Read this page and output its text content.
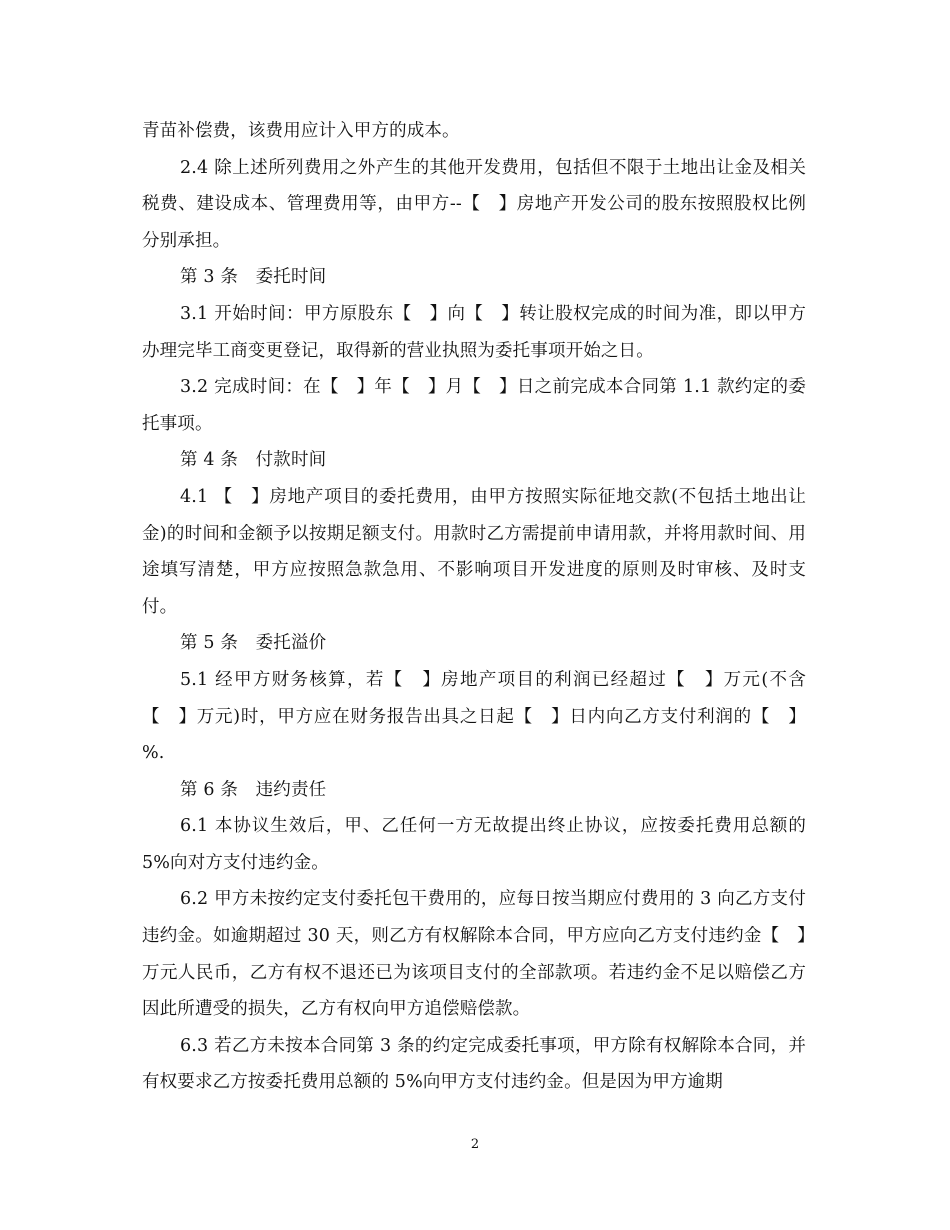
青苗补偿费，该费用应计入甲方的成本。

2.4 除上述所列费用之外产生的其他开发费用，包括但不限于土地出让金及相关税费、建设成本、管理费用等，由甲方--【　】房地产开发公司的股东按照股权比例分别承担。

第 3 条　委托时间

3.1 开始时间：甲方原股东【　】向【　】转让股权完成的时间为准，即以甲方办理完毕工商变更登记，取得新的营业执照为委托事项开始之日。

3.2 完成时间：在【　】年【　】月【　】日之前完成本合同第 1.1 款约定的委托事项。

第 4 条　付款时间

4.1 【　】房地产项目的委托费用，由甲方按照实际征地交款(不包括土地出让金)的时间和金额予以按期足额支付。用款时乙方需提前申请用款，并将用款时间、用途填写清楚，甲方应按照急款急用、不影响项目开发进度的原则及时审核、及时支付。

第 5 条　委托溢价

5.1 经甲方财务核算，若【　】房地产项目的利润已经超过【　】万元(不含【　】万元)时，甲方应在财务报告出具之日起【　】日内向乙方支付利润的【　】%.

第 6 条　违约责任

6.1 本协议生效后，甲、乙任何一方无故提出终止协议，应按委托费用总额的 5%向对方支付违约金。

6.2 甲方未按约定支付委托包干费用的，应每日按当期应付费用的 3 向乙方支付违约金。如逾期超过 30 天，则乙方有权解除本合同，甲方应向乙方支付违约金【　】万元人民币，乙方有权不退还已为该项目支付的全部款项。若违约金不足以赔偿乙方因此所遭受的损失，乙方有权向甲方追偿赔偿款。

6.3 若乙方未按本合同第 3 条的约定完成委托事项，甲方除有权解除本合同，并有权要求乙方按委托费用总额的 5%向甲方支付违约金。但是因为甲方逾期

2
